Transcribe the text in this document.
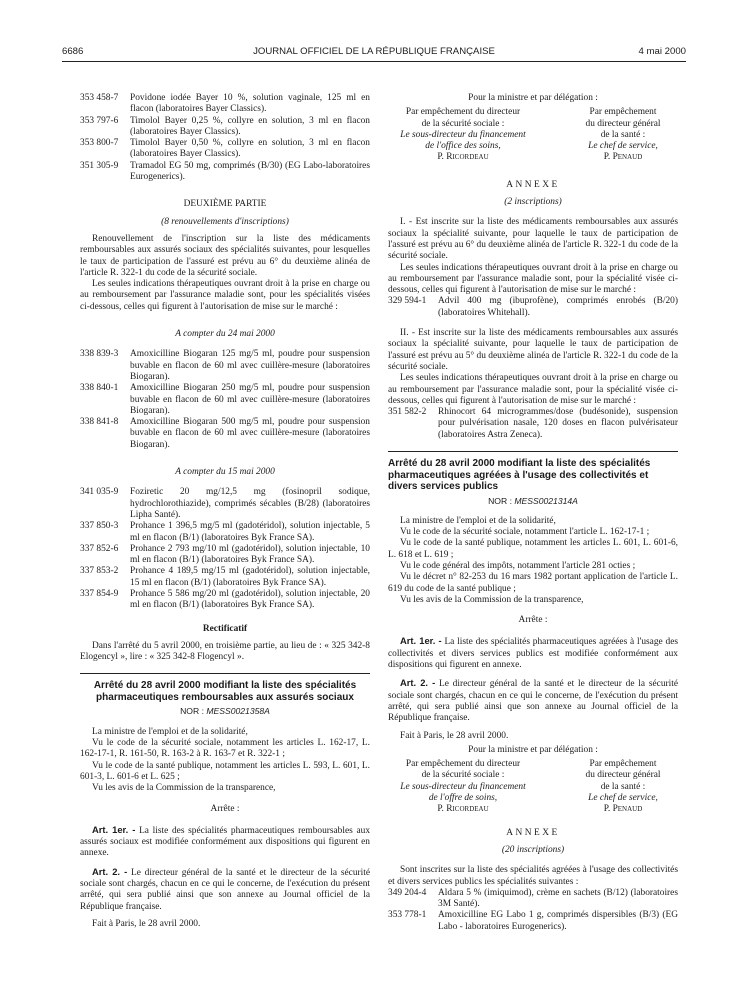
6686	JOURNAL OFFICIEL DE LA RÉPUBLIQUE FRANÇAISE	4 mai 2000
353 458-7	Povidone iodée Bayer 10 %, solution vaginale, 125 ml en flacon (laboratoires Bayer Classics).
353 797-6	Timolol Bayer 0,25 %, collyre en solution, 3 ml en flacon (laboratoires Bayer Classics).
353 800-7	Timolol Bayer 0,50 %, collyre en solution, 3 ml en flacon (laboratoires Bayer Classics).
351 305-9	Tramadol EG 50 mg, comprimés (B/30) (EG Labo-laboratoires Eurogenerics).

DEUXIÈME PARTIE

(8 renouvellements d'inscriptions)

Renouvellement de l'inscription sur la liste des médicaments remboursables aux assurés sociaux des spécialités suivantes, pour lesquelles le taux de participation de l'assuré est prévu au 6° du deuxième alinéa de l'article R. 322-1 du code de la sécurité sociale.

Les seules indications thérapeutiques ouvrant droit à la prise en charge ou au remboursement par l'assurance maladie sont, pour les spécialités visées ci-dessous, celles qui figurent à l'autorisation de mise sur le marché :

A compter du 24 mai 2000

338 839-3	Amoxicilline Biogaran 125 mg/5 ml, poudre pour suspension buvable en flacon de 60 ml avec cuillère-mesure (laboratoires Biogaran).
338 840-1	Amoxicilline Biogaran 250 mg/5 ml, poudre pour suspension buvable en flacon de 60 ml avec cuillère-mesure (laboratoires Biogaran).
338 841-8	Amoxicilline Biogaran 500 mg/5 ml, poudre pour suspension buvable en flacon de 60 ml avec cuillère-mesure (laboratoires Biogaran).

A compter du 15 mai 2000

341 035-9	Foziretic 20 mg/12,5 mg (fosinopril sodique, hydrochlorothiazide), comprimés sécables (B/28) (laboratoires Lipha Santé).
337 850-3	Prohance 1 396,5 mg/5 ml (gadotéridol), solution injectable, 5 ml en flacon (B/1) (laboratoires Byk France SA).
337 852-6	Prohance 2 793 mg/10 ml (gadotéridol), solution injectable, 10 ml en flacon (B/1) (laboratoires Byk France SA).
337 853-2	Prohance 4 189,5 mg/15 ml (gadotéridol), solution injectable, 15 ml en flacon (B/1) (laboratoires Byk France SA).
337 854-9	Prohance 5 586 mg/20 ml (gadotéridol), solution injectable, 20 ml en flacon (B/1) (laboratoires Byk France SA).

Rectificatif

Dans l'arrêté du 5 avril 2000, en troisième partie, au lieu de : « 325 342-8 Elogencyl », lire : « 325 342-8 Flogencyl ».

Arrêté du 28 avril 2000 modifiant la liste des spécialités pharmaceutiques remboursables aux assurés sociaux

NOR : MESS0021358A

La ministre de l'emploi et de la solidarité,

Vu le code de la sécurité sociale, notamment les articles L. 162-17, L. 162-17-1, R. 161-50, R. 163-2 à R. 163-7 et R. 322-1 ;

Vu le code de la santé publique, notamment les articles L. 593, L. 601, L. 601-3, L. 601-6 et L. 625 ;

Vu les avis de la Commission de la transparence,

Arrête :

Art. 1er. - La liste des spécialités pharmaceutiques remboursables aux assurés sociaux est modifiée conformément aux dispositions qui figurent en annexe.

Art. 2. - Le directeur général de la santé et le directeur de la sécurité sociale sont chargés, chacun en ce qui le concerne, de l'exécution du présent arrêté, qui sera publié ainsi que son annexe au Journal officiel de la République française.

Fait à Paris, le 28 avril 2000.

Pour la ministre et par délégation :

Par empêchement du directeur

de la sécurité sociale :

Le sous-directeur du financement

de l'office des soins,

P. Ricordeau

Par empêchement

du directeur général

de la santé :

Le chef de service,

P. Penaud

ANNEXE

(2 inscriptions)

I. - Est inscrite sur la liste des médicaments remboursables aux assurés sociaux la spécialité suivante, pour laquelle le taux de participation de l'assuré est prévu au 6° du deuxième alinéa de l'article R. 322-1 du code de la sécurité sociale.

Les seules indications thérapeutiques ouvrant droit à la prise en charge ou au remboursement par l'assurance maladie sont, pour la spécialité visée ci-dessous, celles qui figurent à l'autorisation de mise sur le marché :

329 594-1	Advil 400 mg (ibuprofène), comprimés enrobés (B/20) (laboratoires Whitehall).

II. - Est inscrite sur la liste des médicaments remboursables aux assurés sociaux la spécialité suivante, pour laquelle le taux de participation de l'assuré est prévu au 5° du deuxième alinéa de l'article R. 322-1 du code de la sécurité sociale.

Les seules indications thérapeutiques ouvrant droit à la prise en charge ou au remboursement par l'assurance maladie sont, pour la spécialité visée ci-dessous, celles qui figurent à l'autorisation de mise sur le marché :

351 582-2	Rhinocort 64 microgrammes/dose (budésonide), suspension pour pulvérisation nasale, 120 doses en flacon pulvérisateur (laboratoires Astra Zeneca).

Arrêté du 28 avril 2000 modifiant la liste des spécialités pharmaceutiques agréées à l'usage des collectivités et divers services publics

NOR : MESS0021314A

La ministre de l'emploi et de la solidarité,

Vu le code de la sécurité sociale, notamment l'article L. 162-17-1 ;

Vu le code de la santé publique, notamment les articles L. 601, L. 601-6, L. 618 et L. 619 ;

Vu le code général des impôts, notamment l'article 281 octies ;

Vu le décret n° 82-253 du 16 mars 1982 portant application de l'article L. 619 du code de la santé publique ;

Vu les avis de la Commission de la transparence,

Arrête :

Art. 1er. - La liste des spécialités pharmaceutiques agréées à l'usage des collectivités et divers services publics est modifiée conformément aux dispositions qui figurent en annexe.

Art. 2. - Le directeur général de la santé et le directeur de la sécurité sociale sont chargés, chacun en ce qui le concerne, de l'exécution du présent arrêté, qui sera publié ainsi que son annexe au Journal officiel de la République française.

Fait à Paris, le 28 avril 2000.

Pour la ministre et par délégation :

Par empêchement du directeur

de la sécurité sociale :

Le sous-directeur du financement

de l'offre de soins,

P. Ricordeau

Par empêchement

du directeur général

de la santé :

Le chef de service,

P. Penaud

ANNEXE

(20 inscriptions)

Sont inscrites sur la liste des spécialités agréées à l'usage des collectivités et divers services publics les spécialités suivantes :

349 204-4	Aldara 5 % (imiquimod), crème en sachets (B/12) (laboratoires 3M Santé).
353 778-1	Amoxicilline EG Labo 1 g, comprimés dispersibles (B/3) (EG Labo - laboratoires Eurogenerics).
